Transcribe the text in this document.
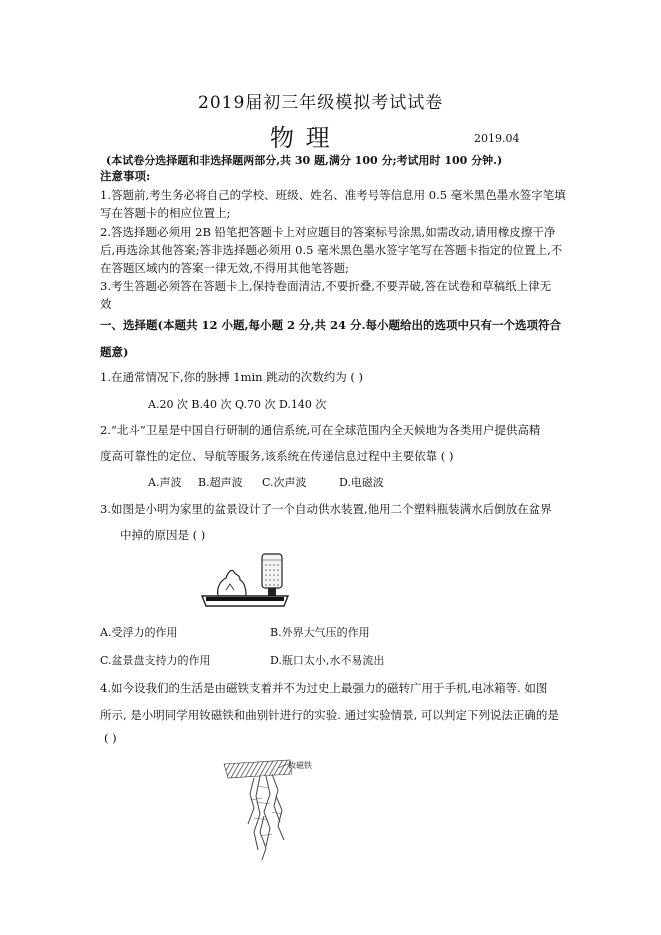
2019届初三年级模拟考试试卷
物 理	2019.04
(本试卷分选择题和非选择题两部分,共 30 题,满分 100 分;考试用时 100 分钟.)
注意事项:
1.答题前,考生务必将自己的学校、班级、姓名、准考号等信息用 0.5 毫米黑色墨水签字笔填
写在答题卡的相应位置上;
2.答选择题必须用 2B 铅笔把答题卡上对应题目的答案标号涂黑,如需改动,请用橡皮擦干净
后,再选涂其他答案;答非选择题必须用 0.5 毫米黑色墨水签字笔写在答题卡指定的位置上,不
在答题区域内的答案一律无效,不得用其他笔答题;
3.考生答题必须答在答题卡上,保持卷面清洁,不要折叠,不要弄破,答在试卷和草稿纸上律无
效
一、选择题(本题共 12 小题,每小题 2 分,共 24 分.每小题给出的选项中只有一个选项符合
题意)
1.在通常情况下,你的脉搏 1min 跳动的次数约为 ( )
A.20 次 B.40 次 Q.70 次 D.140 次
2.“北斗”卫星是中国自行研制的通信系统,可在全球范围内全天候地为各类用户提供高精
度高可靠性的定位、导航等服务,该系统在传递信息过程中主要依靠 ( )
A.声波 B.超声波 C.次声波	D.电磁波
3.如图是小明为家里的盆景设计了一个自动供水装置,他用二个塑料瓶装满水后倒放在盆界
中掉的原因是 ( )
A.受浮力的作用	B.外界大气压的作用
C.盆景盘支持力的作用	D.瓶口太小,水不易流出
4.如今设我们的生活是由磁铁支着并不为过史上最强力的磁转广用于手机,电冰箱等. 如图
所示, 是小明同学用钕磁铁和曲别针进行的实验. 通过实验情景, 可以判定下列说法正确的是
( )
钕磁铁
